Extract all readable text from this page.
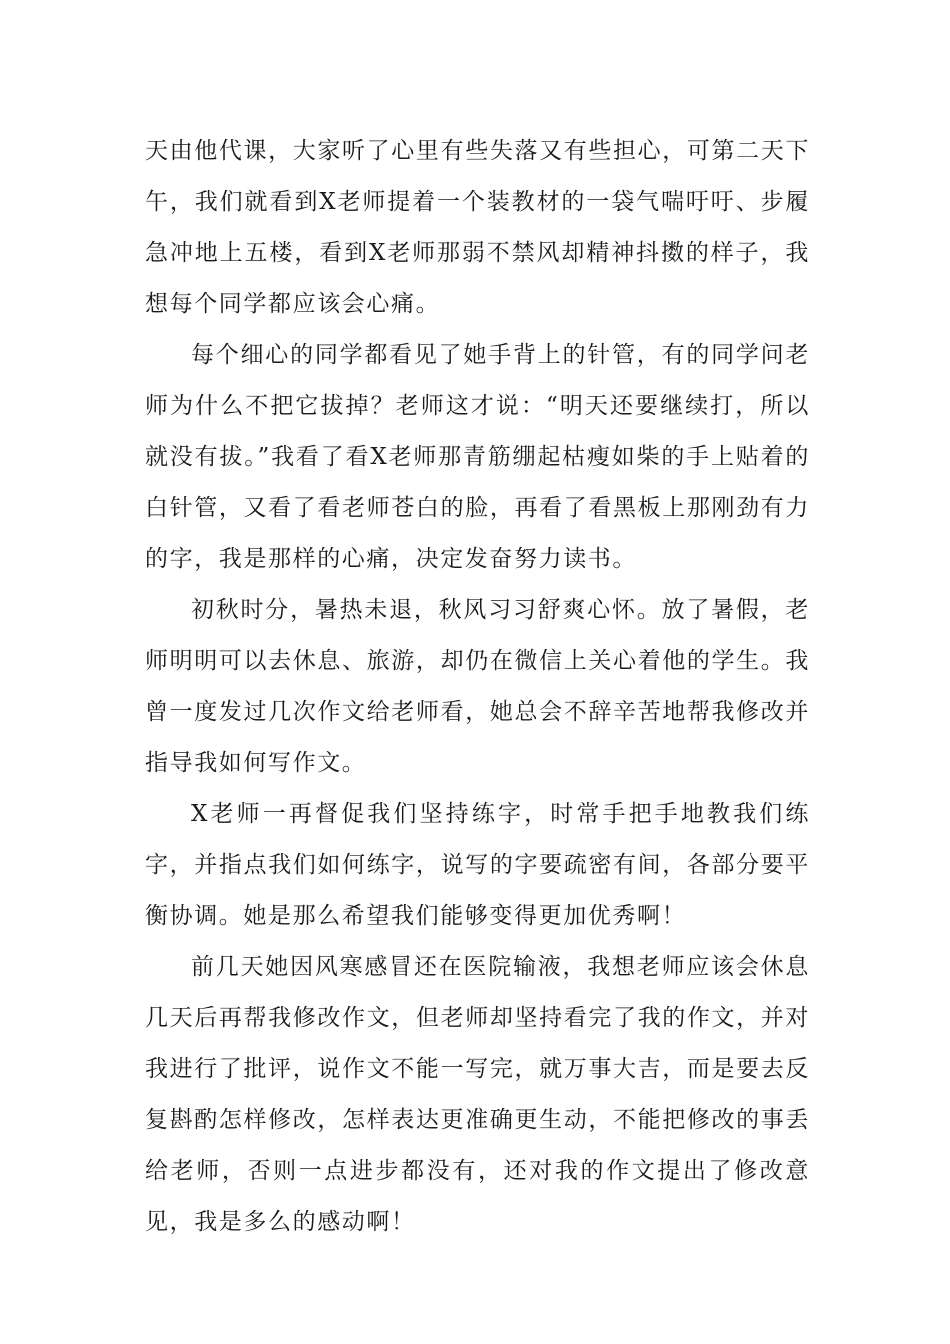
天由他代课，大家听了心里有些失落又有些担心，可第二天下午，我们就看到X老师提着一个装教材的一袋气喘吁吁、步履急冲地上五楼，看到X老师那弱不禁风却精神抖擞的样子，我想每个同学都应该会心痛。

每个细心的同学都看见了她手背上的针管，有的同学问老师为什么不把它拔掉？老师这才说：“明天还要继续打，所以就没有拔。”我看了看X老师那青筋绷起枯瘦如柴的手上贴着的白针管，又看了看老师苍白的脸，再看了看黑板上那刚劲有力的字，我是那样的心痛，决定发奋努力读书。

初秋时分，暑热未退，秋风习习舒爽心怀。放了暑假，老师明明可以去休息、旅游，却仍在微信上关心着他的学生。我曾一度发过几次作文给老师看，她总会不辞辛苦地帮我修改并指导我如何写作文。

X老师一再督促我们坚持练字，时常手把手地教我们练字，并指点我们如何练字，说写的字要疏密有间，各部分要平衡协调。她是那么希望我们能够变得更加优秀啊！

前几天她因风寒感冒还在医院输液，我想老师应该会休息几天后再帮我修改作文，但老师却坚持看完了我的作文，并对我进行了批评，说作文不能一写完，就万事大吉，而是要去反复斟酌怎样修改，怎样表达更准确更生动，不能把修改的事丢给老师，否则一点进步都没有，还对我的作文提出了修改意见，我是多么的感动啊！
